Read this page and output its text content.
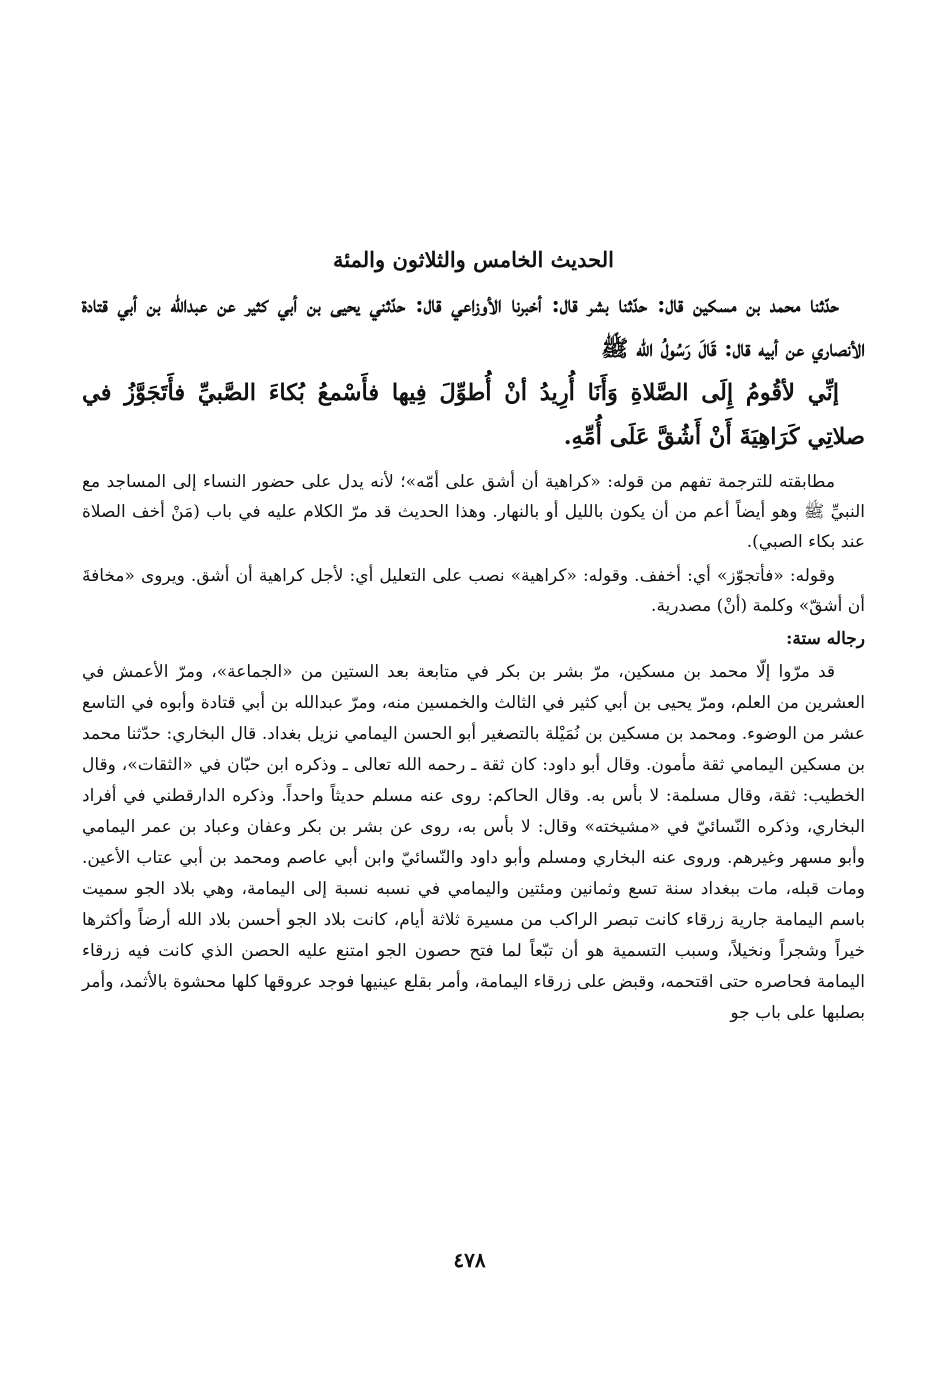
الحديث الخامس والثلاثون والمئة
حدّثنا محمد بن مسكين قال: حدّثنا بشر قال: أخبرنا الأوزاعي قال: حدّثني يحيى بن أبي كثير عن عبدالله بن أبي قتادة الأنصاري عن أبيه قال: قَالَ رَسُولُ الله ﷺ
إنِّي لأقُومُ إِلَى الصَّلاةِ وَأَنَا أُرِيدُ أنْ أُطوِّلَ فِيها فأَسْمعُ بُكاءَ الصَّبيِّ فأَتَجَوَّزُ في صلاتِي كَرَاهِيَةَ أَنْ أَشُقَّ عَلَى أُمِّهِ.

مطابقته للترجمة تفهم من قوله: «كراهية أن أشق على أمّه»؛ لأنه يدل على حضور النساء إلى المساجد مع النبيِّ ﷺ وهو أيضاً أعم من أن يكون بالليل أو بالنهار. وهذا الحديث قد مرّ الكلام عليه في باب (مَنْ أخف الصلاة عند بكاء الصبي).

وقوله: «فأتجوّز» أي: أخفف. وقوله: «كراهية» نصب على التعليل أي: لأجل كراهية أن أشق. ويروى «مخافةَ أن أشقّ» وكلمة (أنْ) مصدرية.

رجاله ستة:

قد مرّوا إلّا محمد بن مسكين، مرّ بشر بن بكر في متابعة بعد الستين من «الجماعة»، ومرّ الأعمش في العشرين من العلم، ومرّ يحيى بن أبي كثير في الثالث والخمسين منه، ومرّ عبدالله بن أبي قتادة وأبوه في التاسع عشر من الوضوء. ومحمد بن مسكين بن نُمَيْلة بالتصغير أبو الحسن اليمامي نزيل بغداد. قال البخاري: حدّثنا محمد بن مسكين اليمامي ثقة مأمون. وقال أبو داود: كان ثقة ـ رحمه الله تعالى ـ وذكره ابن حبّان في «الثقات»، وقال الخطيب: ثقة، وقال مسلمة: لا بأس به. وقال الحاكم: روى عنه مسلم حديثاً واحداً. وذكره الدارقطني في أفراد البخاري، وذكره النّسائيّ في «مشيخته» وقال: لا بأس به، روى عن بشر بن بكر وعفان وعباد بن عمر اليمامي وأبو مسهر وغيرهم. وروى عنه البخاري ومسلم وأبو داود والنّسائيّ وابن أبي عاصم ومحمد بن أبي عتاب الأعين. ومات قبله، مات ببغداد سنة تسع وثمانين ومئتين واليمامي في نسبه نسبة إلى اليمامة، وهي بلاد الجو سميت باسم اليمامة جارية زرقاء كانت تبصر الراكب من مسيرة ثلاثة أيام، كانت بلاد الجو أحسن بلاد الله أرضاً وأكثرها خيراً وشجراً ونخيلاً، وسبب التسمية هو أن تبّعاً لما فتح حصون الجو امتنع عليه الحصن الذي كانت فيه زرقاء اليمامة فحاصره حتى اقتحمه، وقبض على زرقاء اليمامة، وأمر بقلع عينيها فوجد عروقها كلها محشوة بالأثمد، وأمر بصلبها على باب جو

٤٧٨
